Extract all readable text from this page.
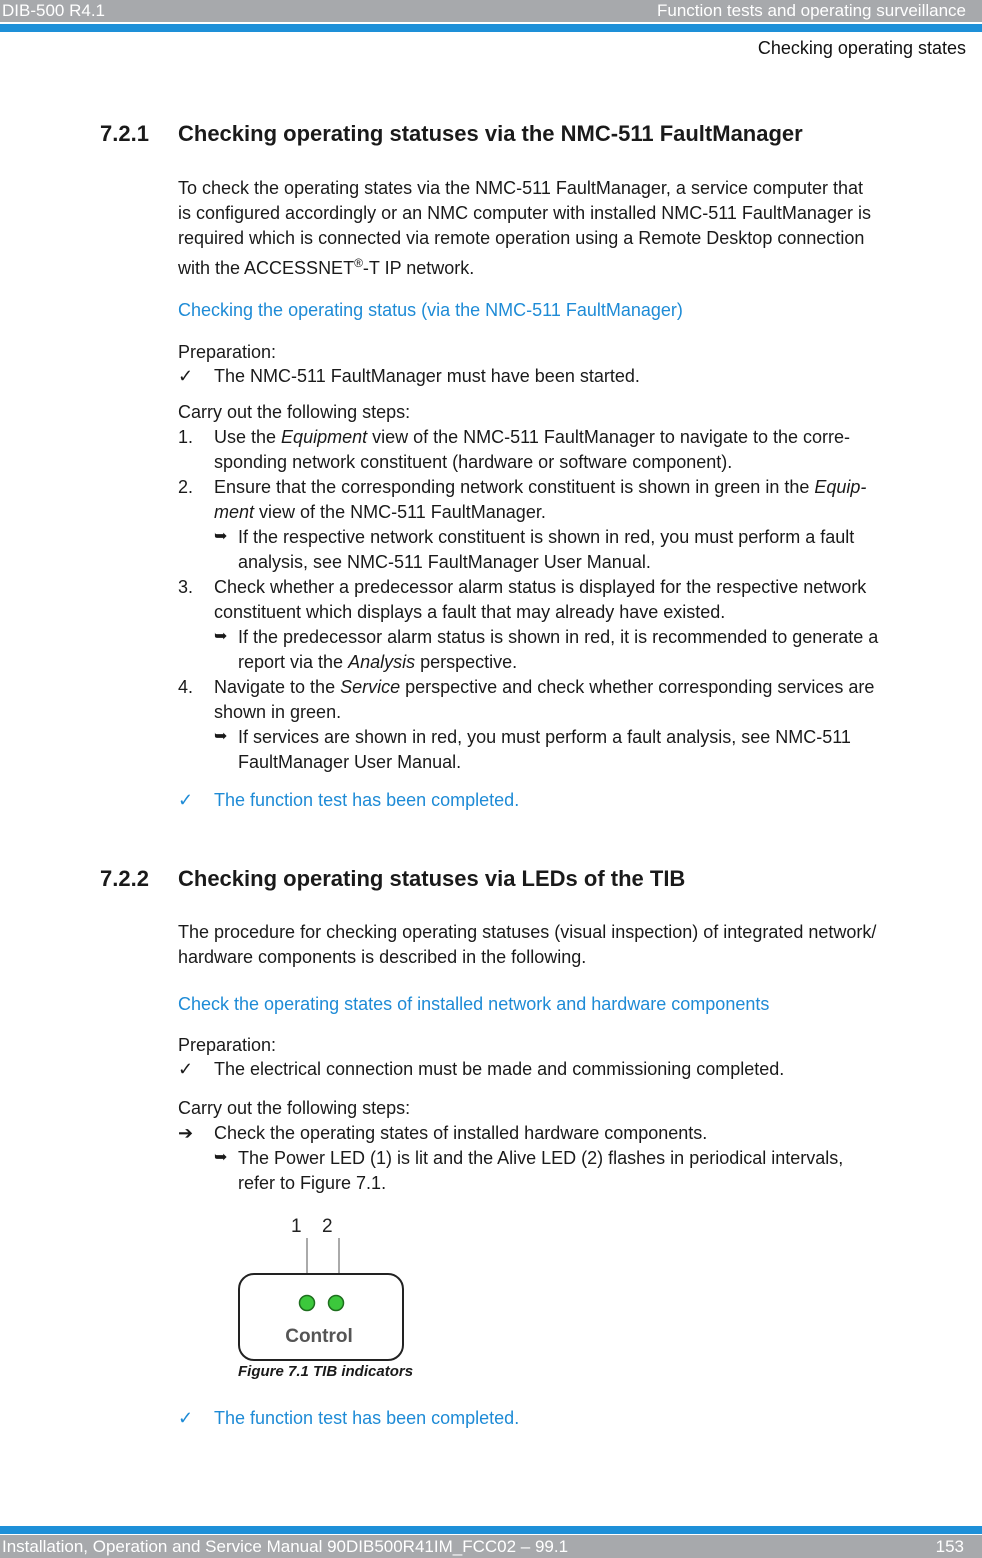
DIB-500 R4.1	Function tests and operating surveillance
Checking operating states
7.2.1 Checking operating statuses via the NMC-511 FaultManager
To check the operating states via the NMC-511 FaultManager, a service computer that
is configured accordingly or an NMC computer with installed NMC-511 FaultManager is
required which is connected via remote operation using a Remote Desktop connection
with the ACCESSNET®-T IP network.
Checking the operating status (via the NMC-511 FaultManager)
Preparation:
✓ The NMC-511 FaultManager must have been started.
Carry out the following steps:
1. Use the Equipment view of the NMC-511 FaultManager to navigate to the corre-
sponding network constituent (hardware or software component).
2. Ensure that the corresponding network constituent is shown in green in the Equip-
ment view of the NMC-511 FaultManager.
➥ If the respective network constituent is shown in red, you must perform a fault
analysis, see NMC-511 FaultManager User Manual.
3. Check whether a predecessor alarm status is displayed for the respective network
constituent which displays a fault that may already have existed.
➥ If the predecessor alarm status is shown in red, it is recommended to generate a
report via the Analysis perspective.
4. Navigate to the Service perspective and check whether corresponding services are
shown in green.
➥ If services are shown in red, you must perform a fault analysis, see NMC-511
FaultManager User Manual.
✓ The function test has been completed.
7.2.2 Checking operating statuses via LEDs of the TIB
The procedure for checking operating statuses (visual inspection) of integrated network/
hardware components is described in the following.
Check the operating states of installed network and hardware components
Preparation:
✓ The electrical connection must be made and commissioning completed.
Carry out the following steps:
➔ Check the operating states of installed hardware components.
➥ The Power LED (1) is lit and the Alive LED (2) flashes in periodical intervals,
refer to Figure 7.1.
1 2
Control
Figure 7.1 TIB indicators
✓ The function test has been completed.
Installation, Operation and Service Manual 90DIB500R41IM_FCC02 – 99.1	153
